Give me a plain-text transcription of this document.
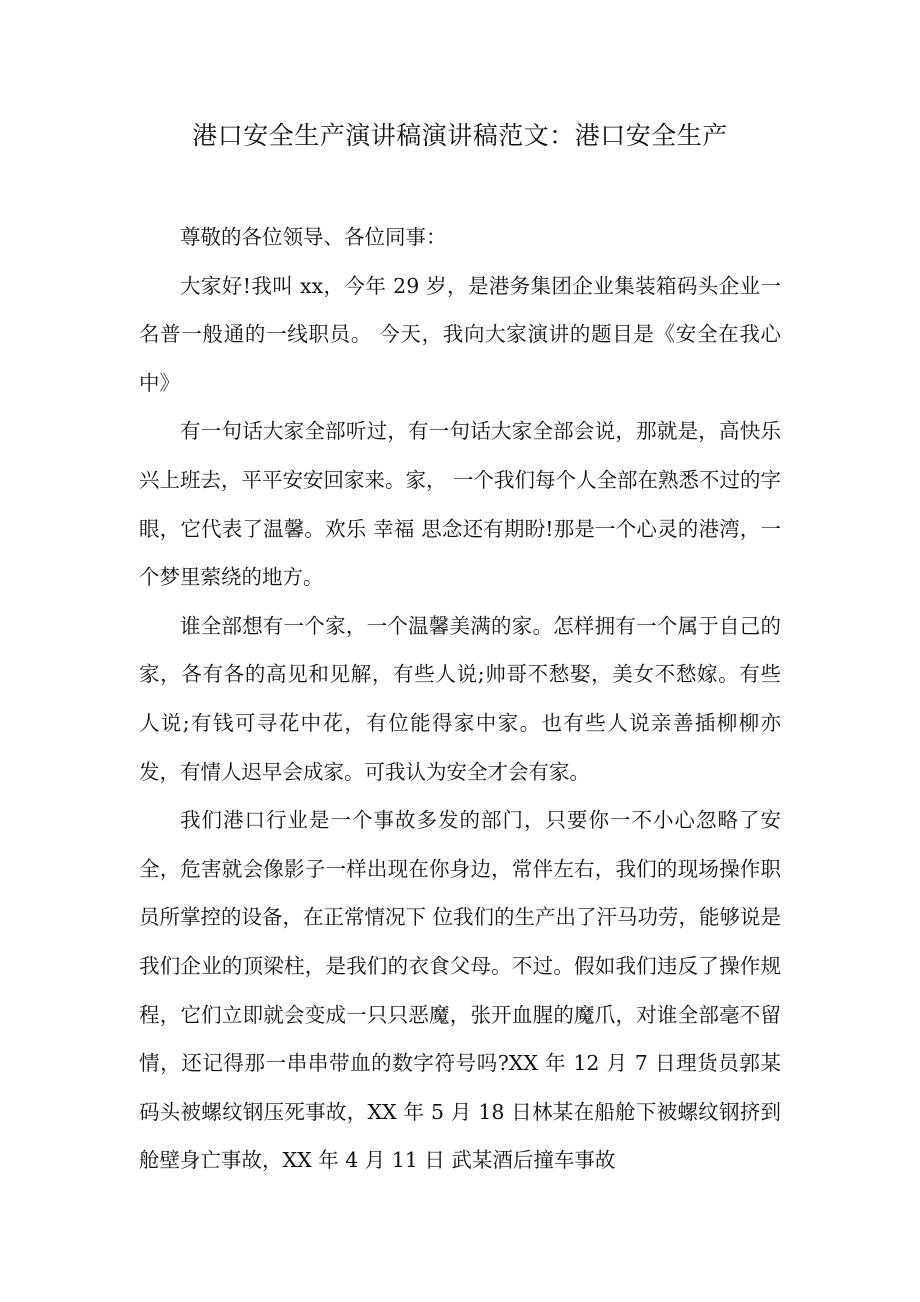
港口安全生产演讲稿演讲稿范文：港口安全生产

尊敬的各位领导、各位同事：

大家好!我叫 xx，今年 29 岁，是港务集团企业集装箱码头企业一名普一般通的一线职员。 今天，我向大家演讲的题目是《安全在我心中》

有一句话大家全部听过，有一句话大家全部会说，那就是，高快乐兴上班去，平平安安回家来。家， 一个我们每个人全部在熟悉不过的字眼，它代表了温馨。欢乐 幸福 思念还有期盼!那是一个心灵的港湾，一个梦里萦绕的地方。

谁全部想有一个家，一个温馨美满的家。怎样拥有一个属于自己的家，各有各的高见和见解，有些人说;帅哥不愁娶，美女不愁嫁。有些人说;有钱可寻花中花，有位能得家中家。也有些人说亲善插柳柳亦发，有情人迟早会成家。可我认为安全才会有家。

我们港口行业是一个事故多发的部门，只要你一不小心忽略了安全，危害就会像影子一样出现在你身边，常伴左右，我们的现场操作职员所掌控的设备，在正常情况下 位我们的生产出了汗马功劳，能够说是我们企业的顶梁柱，是我们的衣食父母。不过。假如我们违反了操作规程，它们立即就会变成一只只恶魔，张开血腥的魔爪，对谁全部毫不留情，还记得那一串串带血的数字符号吗?XX 年 12 月 7 日理货员郭某码头被螺纹钢压死事故，XX 年 5 月 18 日林某在船舱下被螺纹钢挤到舱壁身亡事故，XX 年 4 月 11 日 武某酒后撞车事故
